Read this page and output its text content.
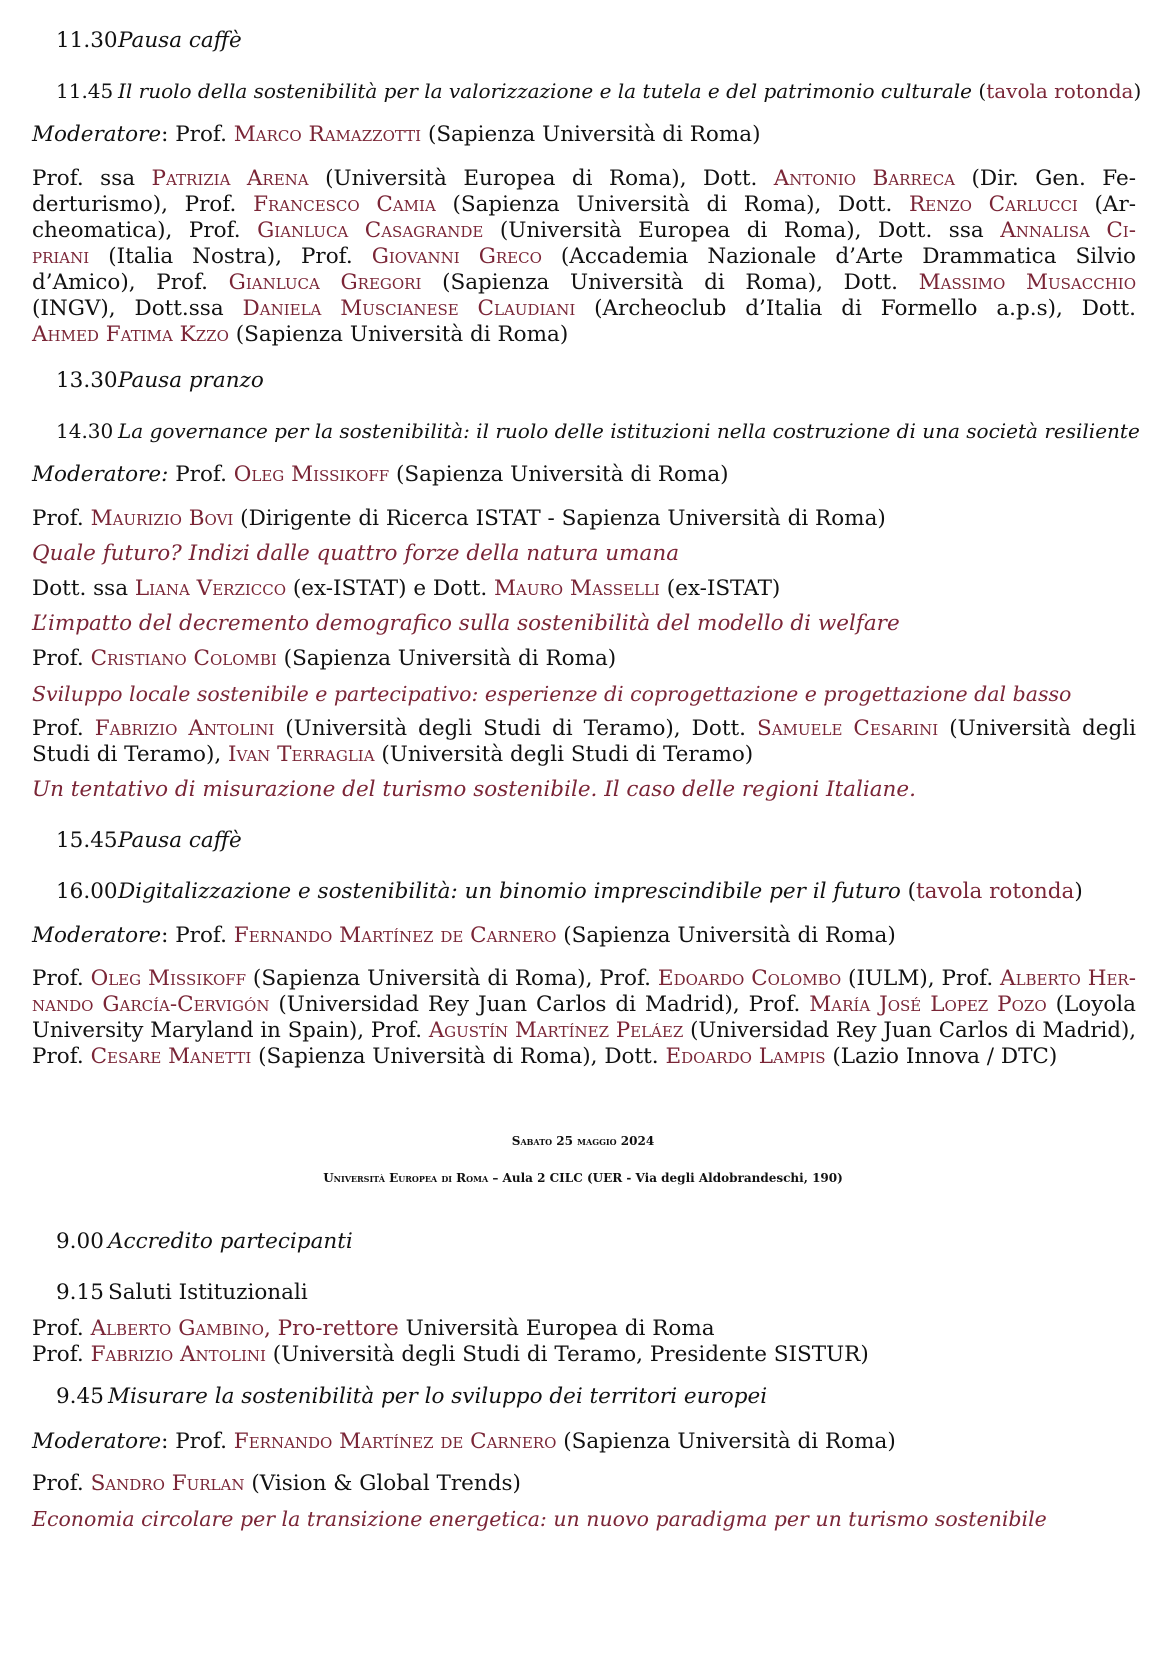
11.30Pausa caffè
11.45 Il ruolo della sostenibilità per la valorizzazione e la tutela e del patrimonio culturale (tavola rotonda)
Moderatore: Prof. Marco Ramazzotti (Sapienza Università di Roma)
Prof. ssa Patrizia Arena (Università Europea di Roma), Dott. Antonio Barreca (Dir. Gen. Fe-
derturismo), Prof. Francesco Camia (Sapienza Università di Roma), Dott. Renzo Carlucci (Ar-
cheomatica), Prof. Gianluca Casagrande (Università Europea di Roma), Dott. ssa Annalisa Ci-
priani (Italia Nostra), Prof. Giovanni Greco (Accademia Nazionale d’Arte Drammatica Silvio
d’Amico), Prof. Gianluca Gregori (Sapienza Università di Roma), Dott. Massimo Musacchio
(INGV), Dott.ssa Daniela Muscianese Claudiani (Archeoclub d’Italia di Formello a.p.s), Dott.
Ahmed Fatima Kzzo (Sapienza Università di Roma)
13.30Pausa pranzo
14.30 La governance per la sostenibilità: il ruolo delle istituzioni nella costruzione di una società resiliente
Moderatore: Prof. Oleg Missikoff (Sapienza Università di Roma)
Prof. Maurizio Bovi (Dirigente di Ricerca ISTAT - Sapienza Università di Roma)
Quale futuro? Indizi dalle quattro forze della natura umana
Dott. ssa Liana Verzicco (ex-ISTAT) e Dott. Mauro Masselli (ex-ISTAT)
L’impatto del decremento demografico sulla sostenibilità del modello di welfare
Prof. Cristiano Colombi (Sapienza Università di Roma)
Sviluppo locale sostenibile e partecipativo: esperienze di coprogettazione e progettazione dal basso
Prof. Fabrizio Antolini (Università degli Studi di Teramo), Dott. Samuele Cesarini (Università degli
Studi di Teramo), Ivan Terraglia (Università degli Studi di Teramo)
Un tentativo di misurazione del turismo sostenibile. Il caso delle regioni Italiane.
15.45Pausa caffè
16.00Digitalizzazione e sostenibilità: un binomio imprescindibile per il futuro (tavola rotonda)
Moderatore: Prof. Fernando Martínez de Carnero (Sapienza Università di Roma)
Prof. Oleg Missikoff (Sapienza Università di Roma), Prof. Edoardo Colombo (IULM), Prof. Alberto Her-
nando García-Cervigón (Universidad Rey Juan Carlos di Madrid), Prof. María José Lopez Pozo (Loyola
University Maryland in Spain), Prof. Agustín Martínez Peláez (Universidad Rey Juan Carlos di Madrid),
Prof. Cesare Manetti (Sapienza Università di Roma), Dott. Edoardo Lampis (Lazio Innova / DTC)
Sabato 25 maggio 2024
Università Europea di Roma – Aula 2 CILC (UER - Via degli Aldobrandeschi, 190)
9.00 Accredito partecipanti
9.15 Saluti Istituzionali
Prof. Alberto Gambino, Pro-rettore Università Europea di Roma
Prof. Fabrizio Antolini (Università degli Studi di Teramo, Presidente SISTUR)
9.45 Misurare la sostenibilità per lo sviluppo dei territori europei
Moderatore: Prof. Fernando Martínez de Carnero (Sapienza Università di Roma)
Prof. Sandro Furlan (Vision & Global Trends)
Economia circolare per la transizione energetica: un nuovo paradigma per un turismo sostenibile
